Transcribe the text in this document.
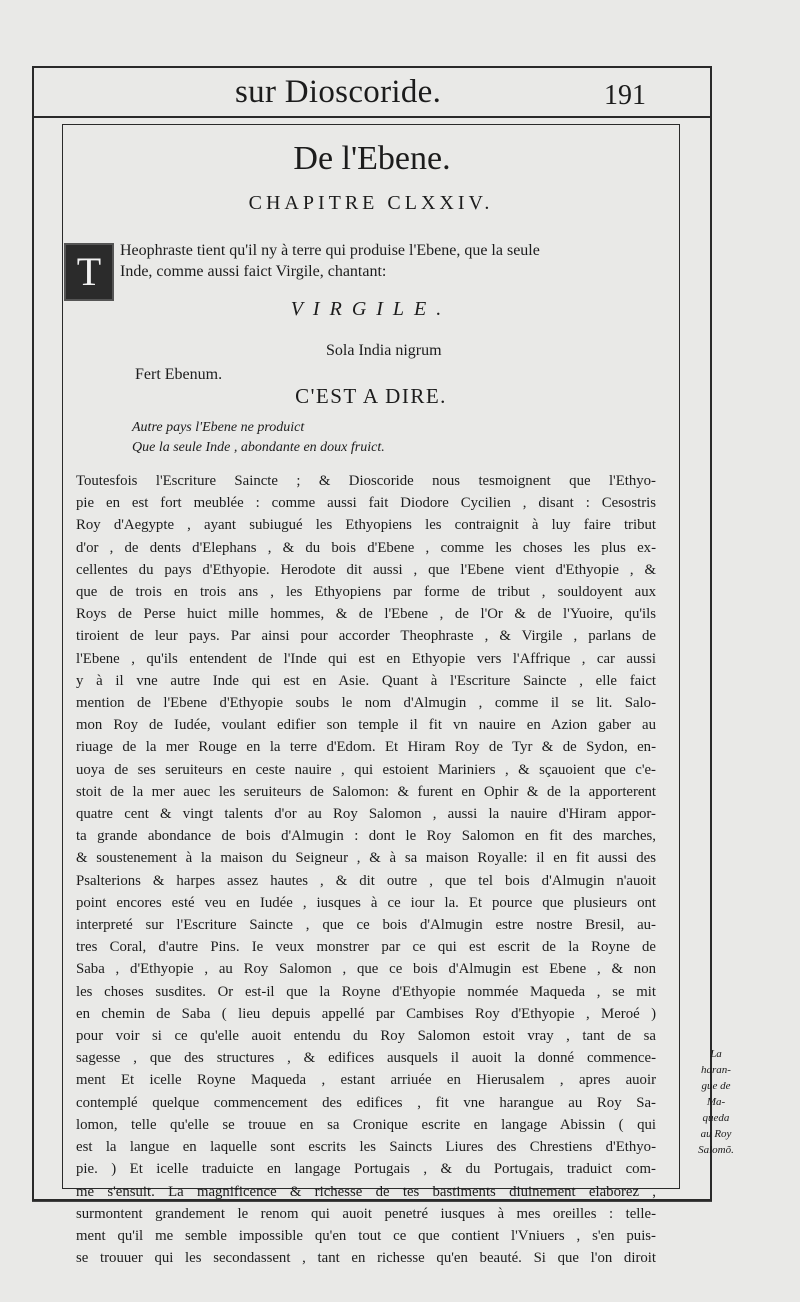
sur Dioscoride.	191
De l'Ebene.
CHAPITRE CLXXIV.
T	Heophraste tient qu'il ny à terre qui produise l'Ebene, que la seule
Inde, comme aussi faict Virgile, chantant:
VIRGILE.
Sola India nigrum
Fert Ebenum.
C'EST A DIRE.
Autre pays l'Ebene ne produict
Que la seule Inde , abondante en doux fruict.
Toutesfois l'Escriture Saincte ; & Dioscoride nous tesmoignent que l'Ethyo-
pie en est fort meublée : comme aussi fait Diodore Cycilien , disant : Cesostris
Roy d'Aegypte , ayant subiugué les Ethyopiens les contraignit à luy faire tribut
d'or , de dents d'Elephans , & du bois d'Ebene , comme les choses les plus ex-
cellentes du pays d'Ethyopie. Herodote dit aussi , que l'Ebene vient d'Ethyopie , &
que de trois en trois ans , les Ethyopiens par forme de tribut , souldoyent aux
Roys de Perse huict mille hommes, & de l'Ebene , de l'Or & de l'Yuoire, qu'ils
tiroient de leur pays. Par ainsi pour accorder Theophraste , & Virgile , parlans de
l'Ebene , qu'ils entendent de l'Inde qui est en Ethyopie vers l'Affrique , car aussi
y à il vne autre Inde qui est en Asie. Quant à l'Escriture Saincte , elle faict
mention de l'Ebene d'Ethyopie soubs le nom d'Almugin , comme il se lit. Salo-
mon Roy de Iudée, voulant edifier son temple il fit vn nauire en Azion gaber au
riuage de la mer Rouge en la terre d'Edom. Et Hiram Roy de Tyr & de Sydon, en-
uoya de ses seruiteurs en ceste nauire , qui estoient Mariniers , & sçauoient que c'e-
stoit de la mer auec les seruiteurs de Salomon: & furent en Ophir & de la apporterent
quatre cent & vingt talents d'or au Roy Salomon , aussi la nauire d'Hiram appor-
ta grande abondance de bois d'Almugin : dont le Roy Salomon en fit des marches,
& soustenement à la maison du Seigneur , & à sa maison Royalle: il en fit aussi des
Psalterions & harpes assez hautes , & dit outre , que tel bois d'Almugin n'auoit
point encores esté veu en Iudée , iusques à ce iour la. Et pource que plusieurs ont
interpreté sur l'Escriture Saincte , que ce bois d'Almugin estre nostre Bresil, au-
tres Coral, d'autre Pins. Ie veux monstrer par ce qui est escrit de la Royne de
Saba , d'Ethyopie , au Roy Salomon , que ce bois d'Almugin est Ebene , & non
les choses susdites. Or est-il que la Royne d'Ethyopie nommée Maqueda , se mit
en chemin de Saba ( lieu depuis appellé par Cambises Roy d'Ethyopie , Meroé )
pour voir si ce qu'elle auoit entendu du Roy Salomon estoit vray , tant de sa
sagesse , que des structures , & edifices ausquels il auoit la donné commence-
ment Et icelle Royne Maqueda , estant arriuée en Hierusalem , apres auoir
contemplé quelque commencement des edifices , fit vne harangue au Roy Sa-
lomon, telle qu'elle se trouue en sa Cronique escrite en langage Abissin ( qui
est la langue en laquelle sont escrits les Saincts Liures des Chrestiens d'Ethyo-
pie. ) Et icelle traduicte en langage Portugais , & du Portugais, traduict com-
me s'ensuit. La magnificence & richesse de tes bastiments diuinement elaborez ,
surmontent grandement le renom qui auoit penetré iusques à mes oreilles : telle-
ment qu'il me semble impossible qu'en tout ce que contient l'Vniuers , s'en puis-
se trouuer qui les secondassent , tant en richesse qu'en beauté. Si que l'on diroit
La
haran-
gue de
Ma-
queda
au Roy
Salomõ.
